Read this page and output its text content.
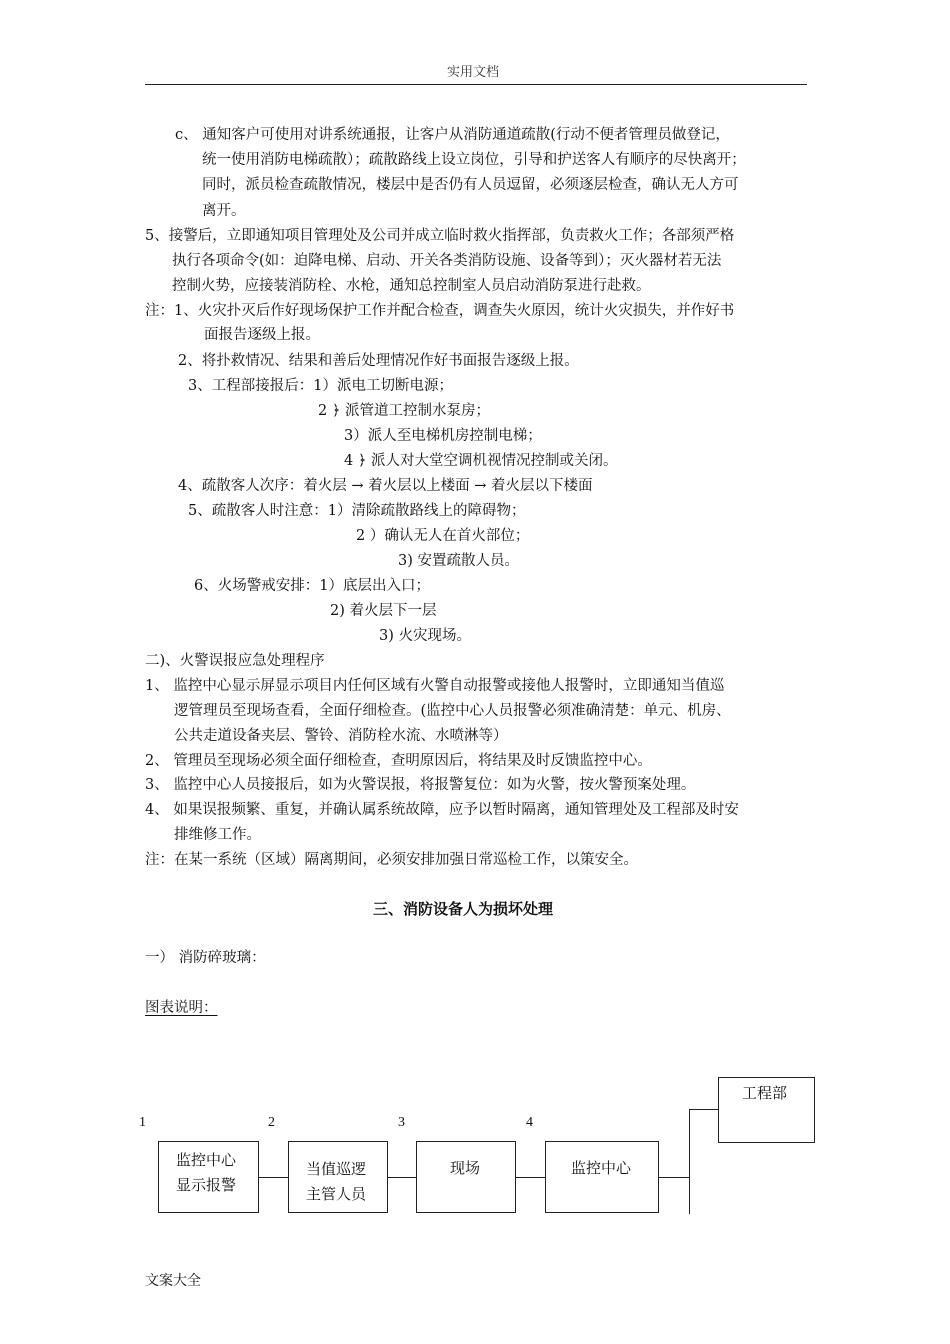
实用文档
c、 通知客户可使用对讲系统通报，让客户从消防通道疏散(行动不便者管理员做登记，
统一使用消防电梯疏散）；疏散路线上设立岗位，引导和护送客人有顺序的尽快离开；
同时，派员检查疏散情况，楼层中是否仍有人员逗留，必须逐层检查，确认无人方可
离开。
5、接警后，立即通知项目管理处及公司并成立临时救火指挥部，负责救火工作；各部须严格
执行各项命令(如：迫降电梯、启动、开关各类消防设施、设备等到）；灭火器材若无法
控制火势，应接装消防栓、水枪，通知总控制室人员启动消防泵进行赴救。
注：1、火灾扑灭后作好现场保护工作并配合检查，调查失火原因，统计火灾损失，并作好书
面报告逐级上报。
2、将扑救情况、结果和善后处理情况作好书面报告逐级上报。
3、工程部接报后：1）派电工切断电源；
2 ﴿ 派管道工控制水泵房；
3）派人至电梯机房控制电梯；
4 ﴿ 派人对大堂空调机视情况控制或关闭。
4、疏散客人次序：着火层 → 着火层以上楼面 → 着火层以下楼面
5、疏散客人时注意：1）清除疏散路线上的障碍物；
2 ）确认无人在首火部位；
3) 安置疏散人员。
6、火场警戒安排：1）底层出入口；
2) 着火层下一层
3) 火灾现场。
二)、火警误报应急处理程序
1、 监控中心显示屏显示项目内任何区域有火警自动报警或接他人报警时，立即通知当值巡
逻管理员至现场查看，全面仔细检查。(监控中心人员报警必须准确清楚：单元、机房、
公共走道设备夹层、警铃、消防栓水流、水喷淋等）
2、 管理员至现场必须全面仔细检查，查明原因后，将结果及时反馈监控中心。
3、 监控中心人员接报后，如为火警误报，将报警复位：如为火警，按火警预案处理。
4、 如果误报频繁、重复，并确认属系统故障，应予以暂时隔离，通知管理处及工程部及时安
排维修工作。
注：在某一系统（区域）隔离期间，必须安排加强日常巡检工作，以策安全。
三、消防设备人为损坏处理
一） 消防碎玻璃：
图表说明：
1	2	3	4
监控中心
显示报警
当值巡逻
主管人员
现场	监控中心
工程部
文案大全
